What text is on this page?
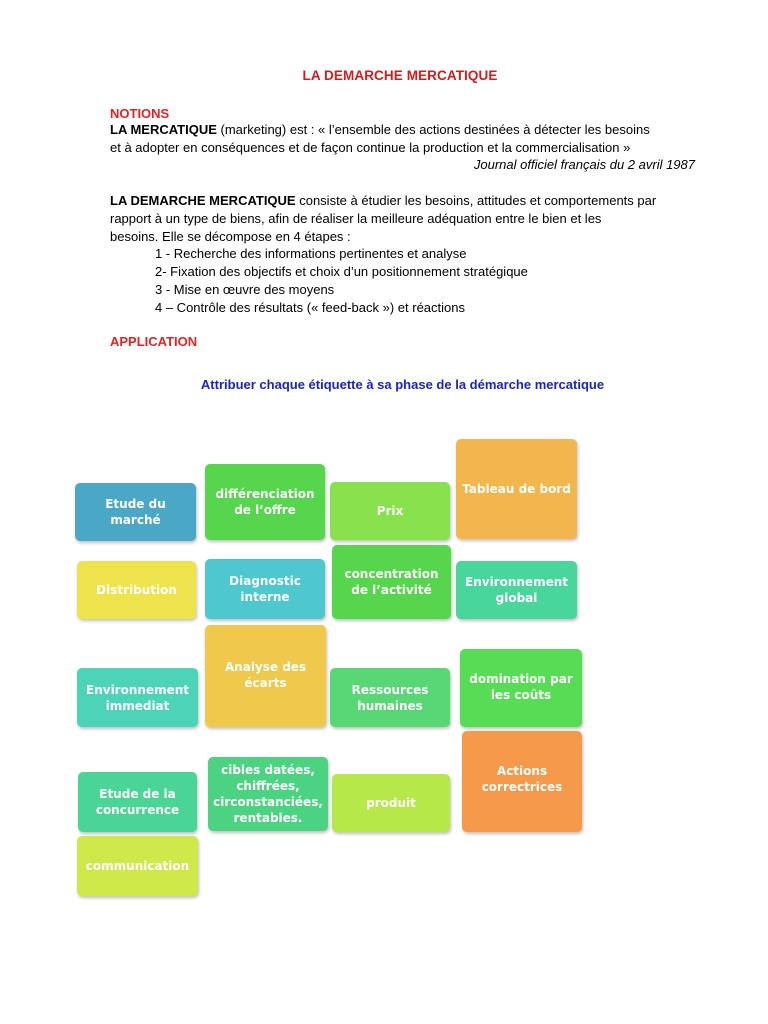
LA DEMARCHE MERCATIQUE
NOTIONS
LA MERCATIQUE (marketing) est : « l’ensemble des actions destinées à détecter les besoins
et à adopter en conséquences et de façon continue la production et la commercialisation »
Journal officiel français du 2 avril 1987
LA DEMARCHE MERCATIQUE consiste à étudier les besoins, attitudes et comportements par
rapport à un type de biens, afin de réaliser la meilleure adéquation entre le bien et les
besoins. Elle se décompose en 4 étapes :
1 - Recherche des informations pertinentes et analyse
2- Fixation des objectifs et choix d’un positionnement stratégique
3 - Mise en œuvre des moyens
4 – Contrôle des résultats (« feed-back ») et réactions
APPLICATION
Attribuer chaque étiquette à sa phase de la démarche mercatique
Etude du marché
différenciation de l’offre	Prix
Tableau de bord
Distribution
Diagnostic interne
concentration de l’activité
Environnement global
Environnement immediat
Analyse des écarts	Ressources humaines
domination par les coûts
Actions correctrices
Etude de la concurrence
cibles datées, chiffrées, circonstanciées, rentables.
produit
communication
